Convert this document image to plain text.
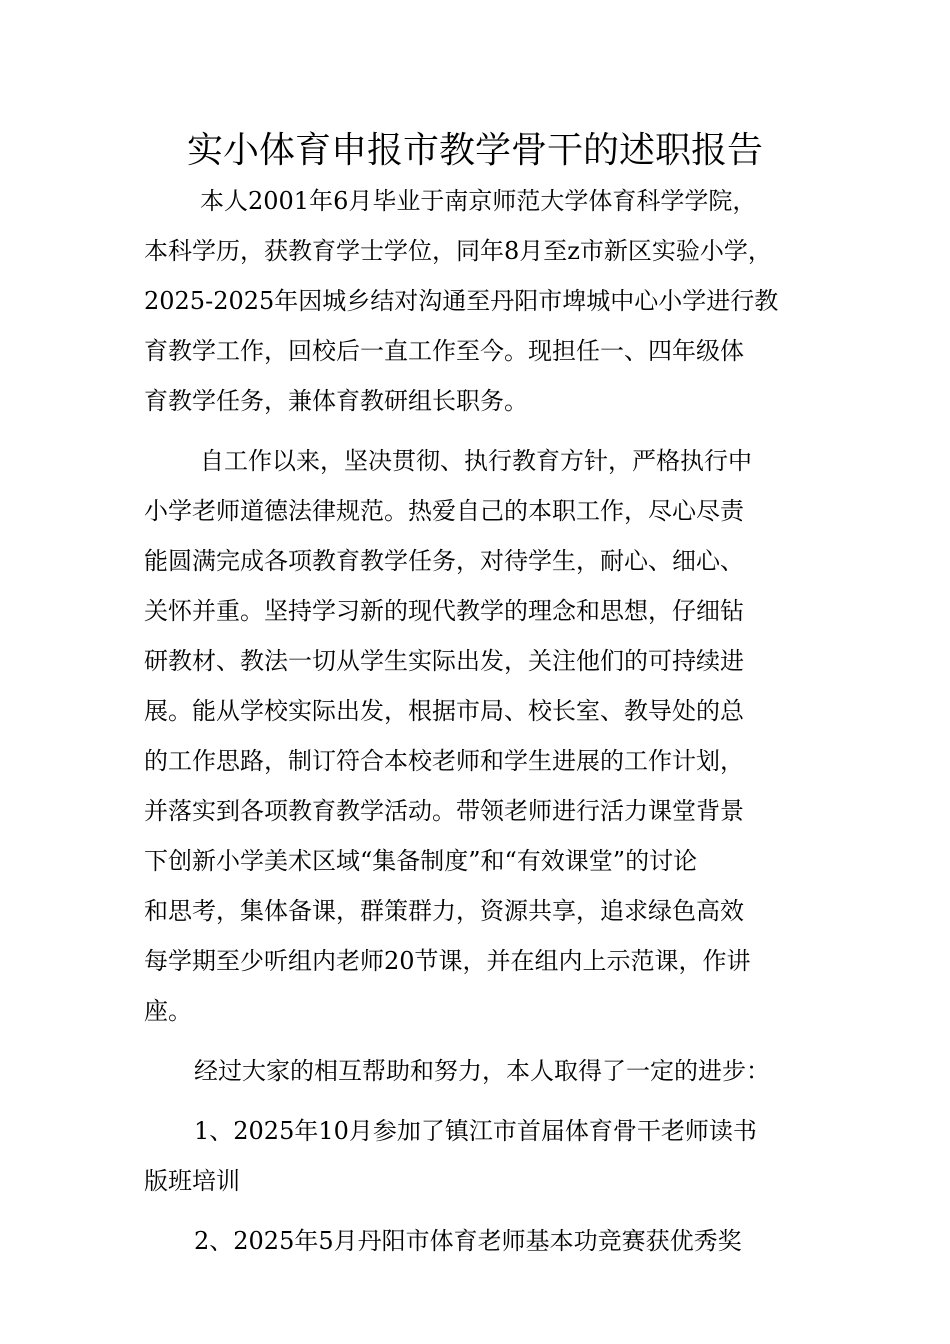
实小体育申报市教学骨干的述职报告
本人2001年6月毕业于南京师范大学体育科学学院，
本科学历，获教育学士学位，同年8月至z市新区实验小学，
2025-2025年因城乡结对沟通至丹阳市埤城中心小学进行教
育教学工作，回校后一直工作至今。现担任一、四年级体
育教学任务，兼体育教研组长职务。
自工作以来，坚决贯彻、执行教育方针，严格执行中
小学老师道德法律规范。热爱自己的本职工作，尽心尽责
能圆满完成各项教育教学任务，对待学生，耐心、细心、
关怀并重。坚持学习新的现代教学的理念和思想，仔细钻
研教材、教法一切从学生实际出发，关注他们的可持续进
展。能从学校实际出发，根据市局、校长室、教导处的总
的工作思路，制订符合本校老师和学生进展的工作计划，
并落实到各项教育教学活动。带领老师进行活力课堂背景
下创新小学美术区域“集备制度”和“有效课堂”的讨论
和思考，集体备课，群策群力，资源共享，追求绿色高效
每学期至少听组内老师20节课，并在组内上示范课，作讲
座。
经过大家的相互帮助和努力，本人取得了一定的进步：
1、2025年10月参加了镇江市首届体育骨干老师读书
版班培训
2、2025年5月丹阳市体育老师基本功竞赛获优秀奖
